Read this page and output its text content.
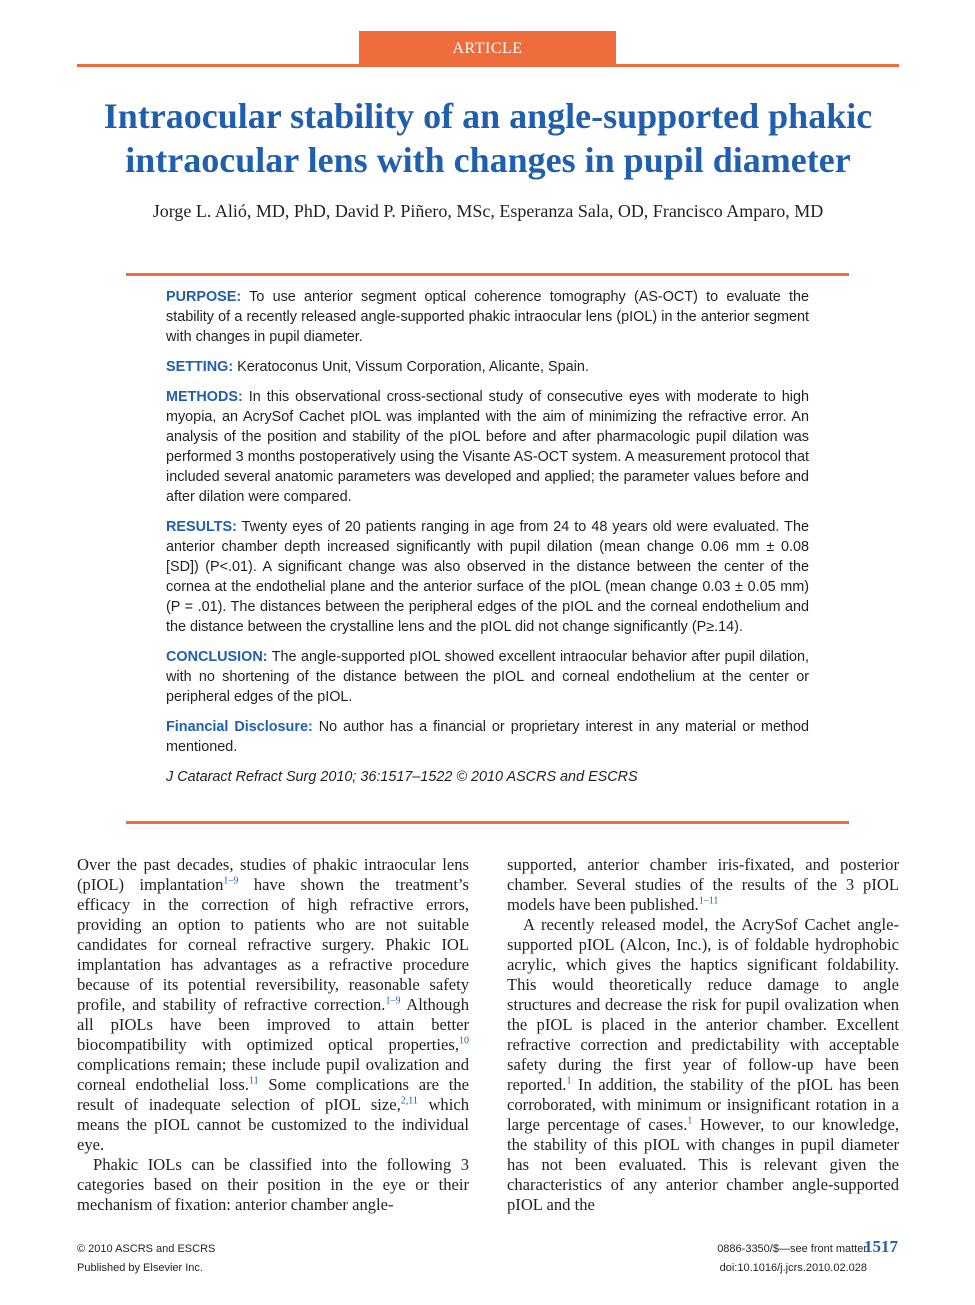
ARTICLE
Intraocular stability of an angle-supported phakic intraocular lens with changes in pupil diameter
Jorge L. Alió, MD, PhD, David P. Piñero, MSc, Esperanza Sala, OD, Francisco Amparo, MD

PURPOSE: To use anterior segment optical coherence tomography (AS-OCT) to evaluate the stability of a recently released angle-supported phakic intraocular lens (pIOL) in the anterior segment with changes in pupil diameter.

SETTING: Keratoconus Unit, Vissum Corporation, Alicante, Spain.

METHODS: In this observational cross-sectional study of consecutive eyes with moderate to high myopia, an AcrySof Cachet pIOL was implanted with the aim of minimizing the refractive error. An analysis of the position and stability of the pIOL before and after pharmacologic pupil dilation was performed 3 months postoperatively using the Visante AS-OCT system. A measurement protocol that included several anatomic parameters was developed and applied; the parameter values before and after dilation were compared.

RESULTS: Twenty eyes of 20 patients ranging in age from 24 to 48 years old were evaluated. The anterior chamber depth increased significantly with pupil dilation (mean change 0.06 mm ± 0.08 [SD]) (P<.01). A significant change was also observed in the distance between the center of the cornea at the endothelial plane and the anterior surface of the pIOL (mean change 0.03 ± 0.05 mm) (P = .01). The distances between the peripheral edges of the pIOL and the corneal endothelium and the distance between the crystalline lens and the pIOL did not change significantly (P≥.14).

CONCLUSION: The angle-supported pIOL showed excellent intraocular behavior after pupil dilation, with no shortening of the distance between the pIOL and corneal endothelium at the center or peripheral edges of the pIOL.

Financial Disclosure: No author has a financial or proprietary interest in any material or method mentioned.

J Cataract Refract Surg 2010; 36:1517–1522 © 2010 ASCRS and ESCRS

Over the past decades, studies of phakic intraocular lens (pIOL) implantation$^{1-9}$ have shown the treatment’s efficacy in the correction of high refractive errors, providing an option to patients who are not suitable candidates for corneal refractive surgery. Phakic IOL implantation has advantages as a refractive procedure because of its potential reversibility, reasonable safety profile, and stability of refractive correction.$^{1-9}$ Although all pIOLs have been improved to attain better biocompatibility with optimized optical properties,$^{10}$ complications remain; these include pupil ovalization and corneal endothelial loss.$^{11}$ Some complications are the result of inadequate selection of pIOL size,$^{2,11}$ which means the pIOL cannot be customized to the individual eye.

Phakic IOLs can be classified into the following 3 categories based on their position in the eye or their mechanism of fixation: anterior chamber angle-

supported, anterior chamber iris-fixated, and posterior chamber. Several studies of the results of the 3 pIOL models have been published.$^{1-11}$

A recently released model, the AcrySof Cachet angle-supported pIOL (Alcon, Inc.), is of foldable hydrophobic acrylic, which gives the haptics significant foldability. This would theoretically reduce damage to angle structures and decrease the risk for pupil ovalization when the pIOL is placed in the anterior chamber. Excellent refractive correction and predictability with acceptable safety during the first year of follow-up have been reported.$^1$ In addition, the stability of the pIOL has been corroborated, with minimum or insignificant rotation in a large percentage of cases.$^1$ However, to our knowledge, the stability of this pIOL with changes in pupil diameter has not been evaluated. This is relevant given the characteristics of any anterior chamber angle-supported pIOL and the

© 2010 ASCRS and ESCRS
Published by Elsevier Inc.
0886-3350/$—see front matter
doi:10.1016/j.jcrs.2010.02.028
1517
